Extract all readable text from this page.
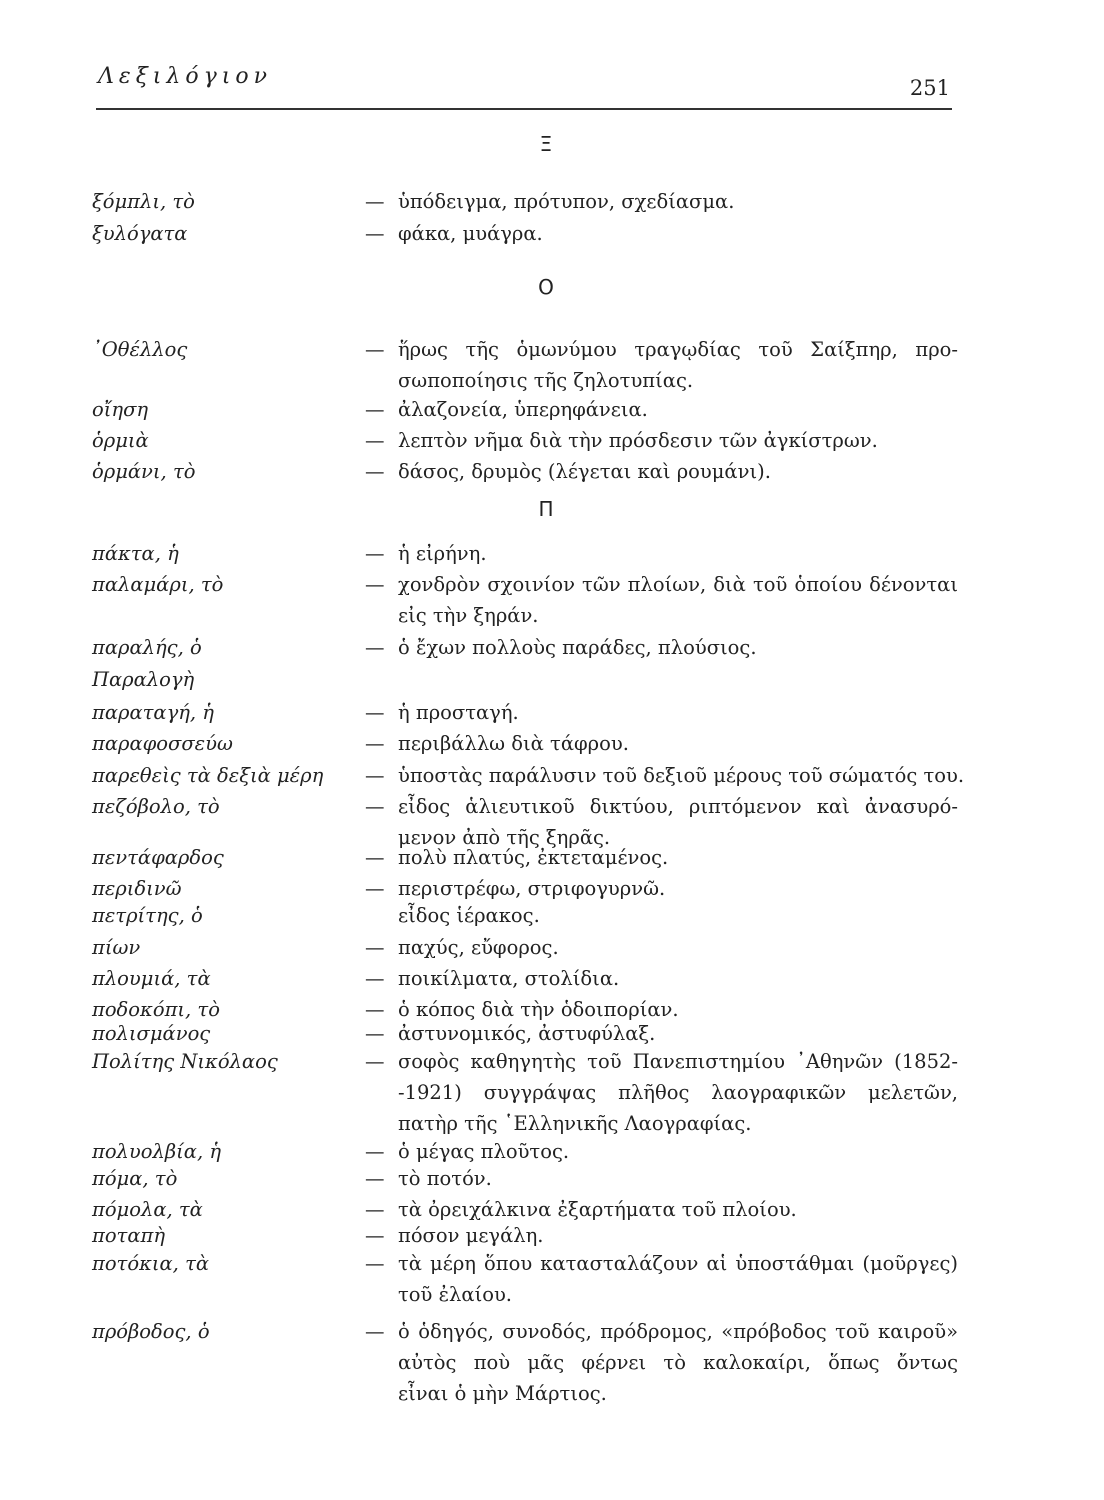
Λεξιλόγιον	251
Ξ
ξόμπλι, τὸ	— ὑπόδειγμα, πρότυπον, σχεδίασμα.
ξυλόγατα	— φάκα, μυάγρα.
Ο
᾿Οθέλλος	— ἥρως τῆς ὁμωνύμου τραγῳδίας τοῦ Σαίξπηρ, προ-
σωποποίησις τῆς ζηλοτυπίας.
οἴηση	— ἀλαζονεία, ὑπερηφάνεια.
ὁρμιὰ	— λεπτὸν νῆμα διὰ τὴν πρόσδεσιν τῶν ἀγκίστρων.
ὁρμάνι, τὸ	— δάσος, δρυμὸς (λέγεται καὶ ρουμάνι).
Π
πάκτα, ἡ	— ἡ εἰρήνη.
παλαμάρι, τὸ	— χονδρὸν σχοινίον τῶν πλοίων, διὰ τοῦ ὁποίου δένονται
εἰς τὴν ξηράν.
παραλής, ὁ	— ὁ ἔχων πολλοὺς παράδες, πλούσιος.
Παραλογὴ
παραταγή, ἡ	— ἡ προσταγή.
παραφοσσεύω	— περιβάλλω διὰ τάφρου.
παρεθεὶς τὰ δεξιὰ μέρη — ὑποστὰς παράλυσιν τοῦ δεξιοῦ μέρους τοῦ σώματός του.
πεζόβολο, τὸ	— εἶδος ἁλιευτικοῦ δικτύου, ριπτόμενον καὶ ἀνασυρό-
μενον ἀπὸ τῆς ξηρᾶς.
πεντάφαρδος	— πολὺ πλατύς, ἐκτεταμένος.
περιδινῶ	— περιστρέφω, στριφογυρνῶ.
πετρίτης, ὁ	εἶδος ἱέρακος.
πίων	— παχύς, εὔφορος.
πλουμιά, τὰ	— ποικίλματα, στολίδια.
ποδοκόπι, τὸ	— ὁ κόπος διὰ τὴν ὁδοιπορίαν.
πολισμάνος	— ἀστυνομικός, ἀστυφύλαξ.
Πολίτης Νικόλαος	— σοφὸς καθηγητὴς τοῦ Πανεπιστημίου ᾿Αθηνῶν (1852-
-1921) συγγράψας πλῆθος λαογραφικῶν μελετῶν,
πατὴρ τῆς ῾Ελληνικῆς Λαογραφίας.
πολυολβία, ἡ	— ὁ μέγας πλοῦτος.
πόμα, τὸ	— τὸ ποτόν.
πόμολα, τὰ	— τὰ ὀρειχάλκινα ἐξαρτήματα τοῦ πλοίου.
ποταπὴ	— πόσον μεγάλη.
ποτόκια, τὰ	— τὰ μέρη ὅπου κατασταλάζουν αἱ ὑποστάθμαι (μοῦργες)
τοῦ ἐλαίου.
πρόβοδος, ὁ	— ὁ ὁδηγός, συνοδός, πρόδρομος, «πρόβοδος τοῦ καιροῦ»
αὐτὸς ποὺ μᾶς φέρνει τὸ καλοκαίρι, ὅπως ὄντως
εἶναι ὁ μὴν Μάρτιος.
